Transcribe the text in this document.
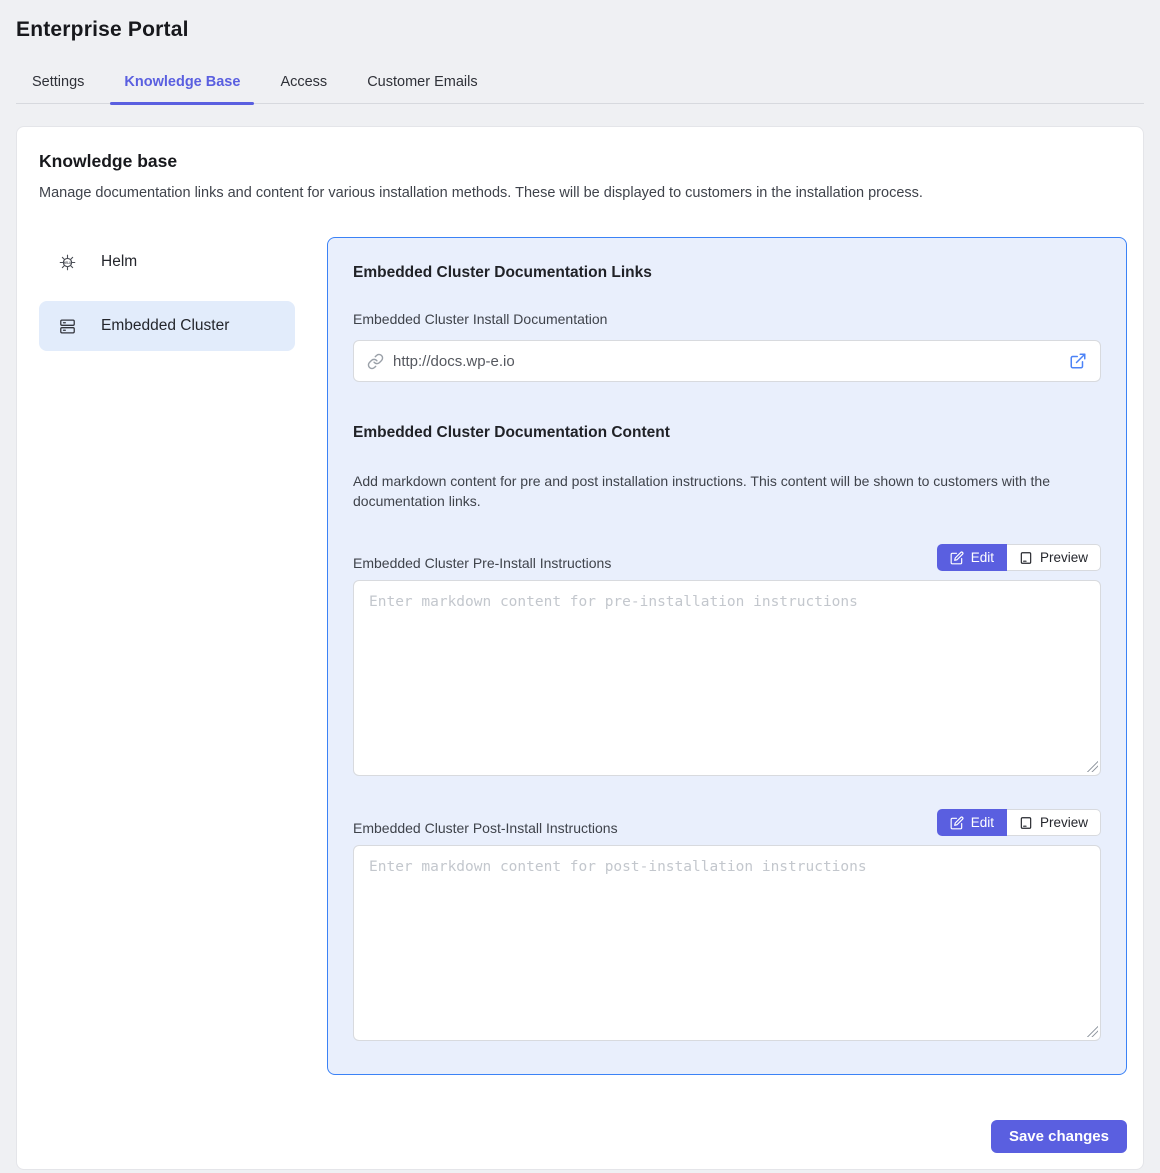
Enterprise Portal
Settings	Knowledge Base	Access	Customer Emails
Knowledge base
Manage documentation links and content for various installation methods. These will be displayed to customers in the installation process.
HELM Helm
Embedded Cluster
Embedded Cluster Documentation Links
Embedded Cluster Install Documentation
http://docs.wp-e.io
Embedded Cluster Documentation Content

Add markdown content for pre and post installation instructions. This content will be shown to customers with the documentation links.

Embedded Cluster Pre-Install Instructions	Edit	Preview
Enter markdown content for pre-installation instructions
Embedded Cluster Post-Install Instructions	Edit	Preview
Enter markdown content for post-installation instructions
Save changes
